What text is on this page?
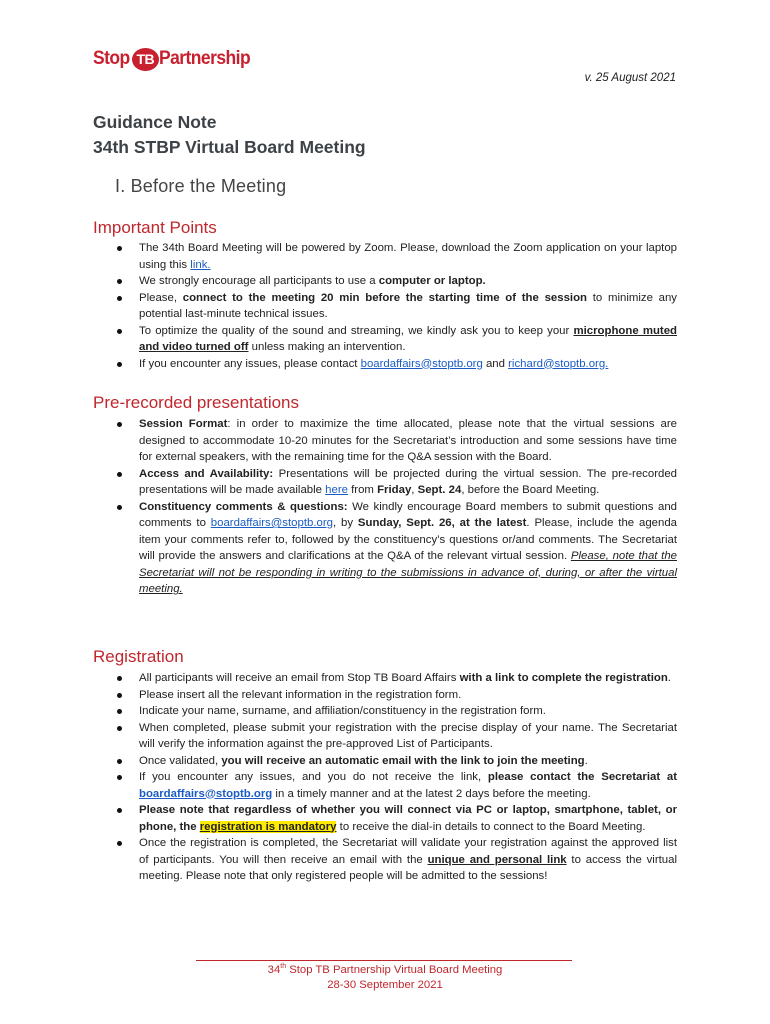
Stop TB Partnership
v. 25 August 2021
Guidance Note
34th STBP Virtual Board Meeting
I. Before the Meeting
Important Points
The 34th Board Meeting will be powered by Zoom. Please, download the Zoom application on your laptop using this link.
We strongly encourage all participants to use a computer or laptop.
Please, connect to the meeting 20 min before the starting time of the session to minimize any potential last-minute technical issues.
To optimize the quality of the sound and streaming, we kindly ask you to keep your microphone muted and video turned off unless making an intervention.
If you encounter any issues, please contact boardaffairs@stoptb.org and richard@stoptb.org.
Pre-recorded presentations
Session Format: in order to maximize the time allocated, please note that the virtual sessions are designed to accommodate 10-20 minutes for the Secretariat’s introduction and some sessions have time for external speakers, with the remaining time for the Q&A session with the Board.
Access and Availability: Presentations will be projected during the virtual session. The pre-recorded presentations will be made available here from Friday, Sept. 24, before the Board Meeting.
Constituency comments & questions: We kindly encourage Board members to submit questions and comments to boardaffairs@stoptb.org, by Sunday, Sept. 26, at the latest. Please, include the agenda item your comments refer to, followed by the constituency’s questions or/and comments. The Secretariat will provide the answers and clarifications at the Q&A of the relevant virtual session. Please, note that the Secretariat will not be responding in writing to the submissions in advance of, during, or after the virtual meeting.
Registration
All participants will receive an email from Stop TB Board Affairs with a link to complete the registration.
Please insert all the relevant information in the registration form.
Indicate your name, surname, and affiliation/constituency in the registration form.
When completed, please submit your registration with the precise display of your name. The Secretariat will verify the information against the pre-approved List of Participants.
Once validated, you will receive an automatic email with the link to join the meeting.
If you encounter any issues, and you do not receive the link, please contact the Secretariat at boardaffairs@stoptb.org in a timely manner and at the latest 2 days before the meeting.
Please note that regardless of whether you will connect via PC or laptop, smartphone, tablet, or phone, the registration is mandatory to receive the dial-in details to connect to the Board Meeting.
Once the registration is completed, the Secretariat will validate your registration against the approved list of participants. You will then receive an email with the unique and personal link to access the virtual meeting. Please note that only registered people will be admitted to the sessions!
34th Stop TB Partnership Virtual Board Meeting
28-30 September 2021
